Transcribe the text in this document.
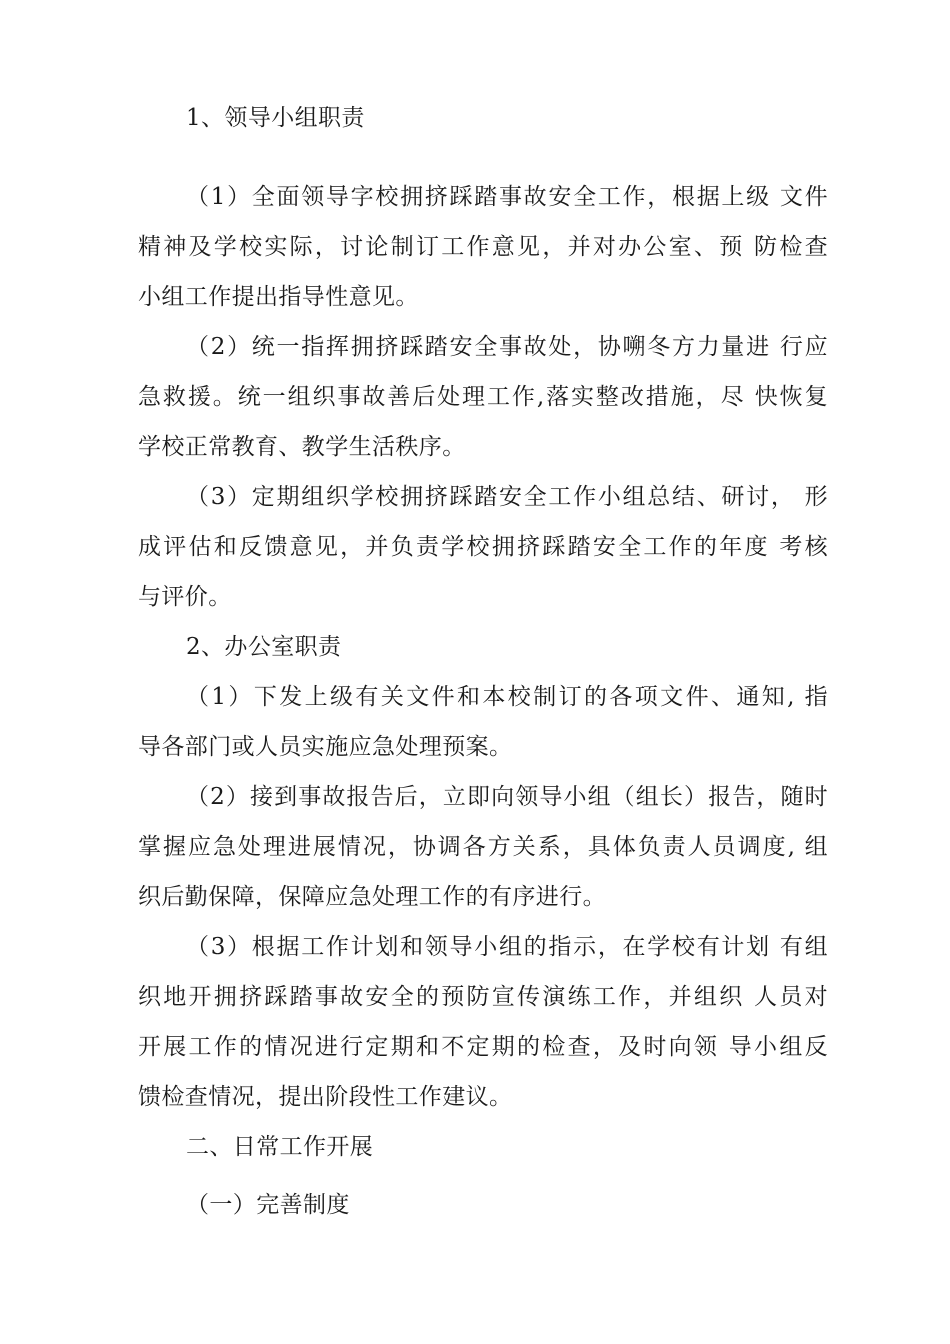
1、领导小组职责
（1）全面领导字校拥挤踩踏事故安全工作，根据上级 文件
精神及学校实际，讨论制订工作意见，并对办公室、预 防检查
小组工作提出指导性意见。
（2）统一指挥拥挤踩踏安全事故处，协嗍冬方力量进 行应
急救援。统一组织事故善后处理工作,落实整改措施，尽 快恢复
学校正常教育、教学生活秩序。
（3）定期组织学校拥挤踩踏安全工作小组总结、研讨， 形
成评估和反馈意见，并负责学校拥挤踩踏安全工作的年度 考核
与评价。
2、办公室职责
（1）下发上级有关文件和本校制订的各项文件、通知, 指
导各部门或人员实施应急处理预案。
（2）接到事故报告后，立即向领导小组（组长）报告，随时
掌握应急处理进展情况，协调各方关系，具体负责人员调度, 组
织后勤保障，保障应急处理工作的有序进行。
（3）根据工作计划和领导小组的指示，在学校有计划 有组
织地开拥挤踩踏事故安全的预防宣传演练工作，并组织 人员对
开展工作的情况进行定期和不定期的检查，及时向领 导小组反
馈检查情况，提出阶段性工作建议。
二、日常工作开展
（一）完善制度
